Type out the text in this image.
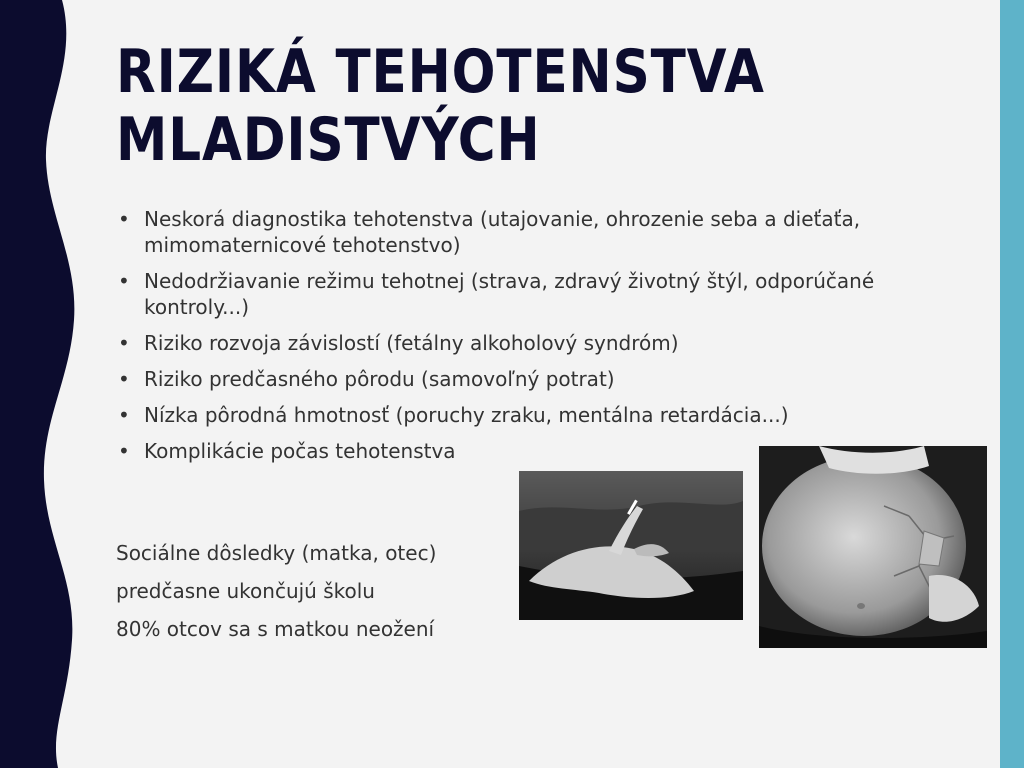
RIZIKÁ TEHOTENSTVA
MLADISTVÝCH
• Neskorá diagnostika tehotenstva (utajovanie, ohrozenie seba a dieťaťa, mimomaternicové tehotenstvo)
• Nedodržiavanie režimu tehotnej (strava, zdravý životný štýl, odporúčané kontroly...)
• Riziko rozvoja závislostí (fetálny alkoholový syndróm)
• Riziko predčasného pôrodu (samovoľný potrat)
• Nízka pôrodná hmotnosť (poruchy zraku, mentálna retardácia...)
• Komplikácie počas tehotenstva
Sociálne dôsledky (matka, otec)
predčasne ukončujú školu
80% otcov sa s matkou neožení
